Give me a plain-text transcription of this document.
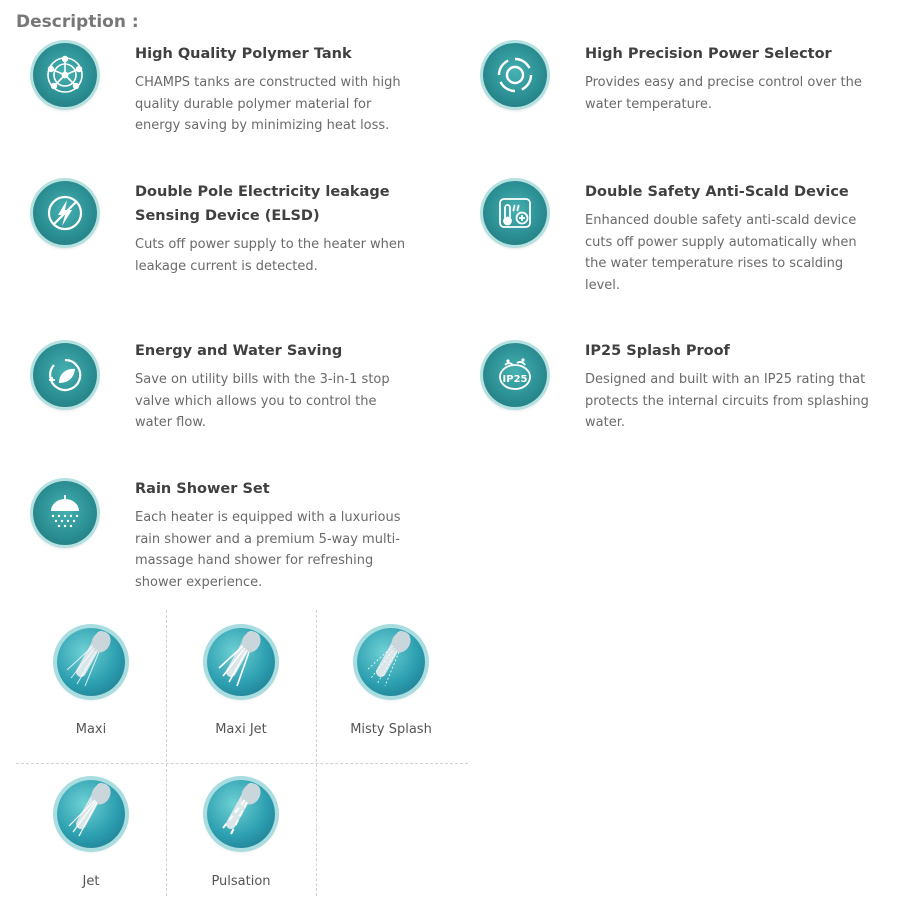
Description :
High Quality Polymer Tank
CHAMPS tanks are constructed with high quality durable polymer material for energy saving by minimizing heat loss.
High Precision Power Selector
Provides easy and precise control over the water temperature.
Double Pole Electricity leakage Sensing Device (ELSD)
Cuts off power supply to the heater when leakage current is detected.
Double Safety Anti-Scald Device
Enhanced double safety anti-scald device cuts off power supply automatically when the water temperature rises to scalding level.
Energy and Water Saving
Save on utility bills with the 3-in-1 stop valve which allows you to control the water flow.
IP25
IP25 Splash Proof
Designed and built with an IP25 rating that protects the internal circuits from splashing water.
Rain Shower Set
Each heater is equipped with a luxurious rain shower and a premium 5-way multi-massage hand shower for refreshing shower experience.
Maxi	Maxi Jet	Misty Splash
Jet	Pulsation
